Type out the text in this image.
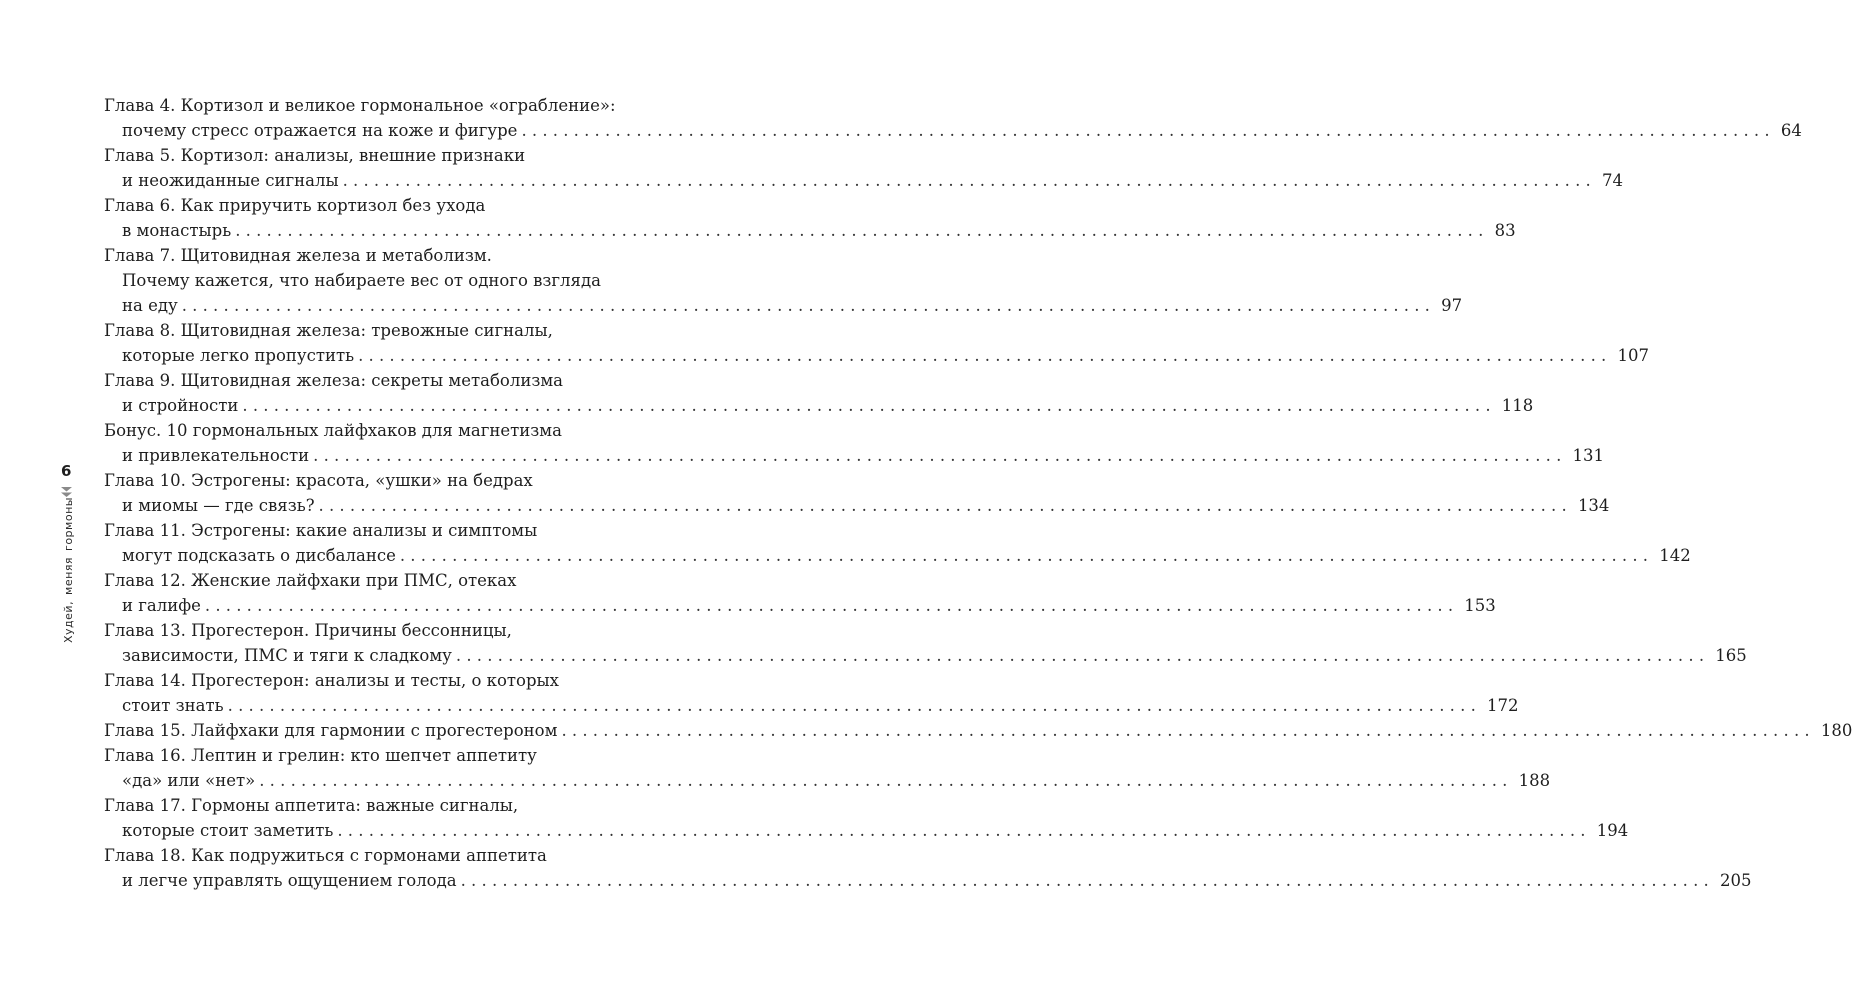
6
Худей, меняя гормоны
Глава 4. Кортизол и великое гормональное «ограбление»:
почему стресс отражается на коже и фигуре ........................................................................................................................ 64
Глава 5. Кортизол: анализы, внешние признаки
и неожиданные сигналы ........................................................................................................................ 74
Глава 6. Как приручить кортизол без ухода
в монастырь ........................................................................................................................ 83
Глава 7. Щитовидная железа и метаболизм.
Почему кажется, что набираете вес от одного взгляда
на еду ........................................................................................................................ 97
Глава 8. Щитовидная железа: тревожные сигналы,
которые легко пропустить ........................................................................................................................ 107
Глава 9. Щитовидная железа: секреты метаболизма
и стройности ........................................................................................................................ 118
Бонус. 10 гормональных лайфхаков для магнетизма
и привлекательности ........................................................................................................................ 131
Глава 10. Эстрогены: красота, «ушки» на бедрах
и миомы — где связь? ........................................................................................................................ 134
Глава 11. Эстрогены: какие анализы и симптомы
могут подсказать о дисбалансе ........................................................................................................................ 142
Глава 12. Женские лайфхаки при ПМС, отеках
и галифе ........................................................................................................................ 153
Глава 13. Прогестерон. Причины бессонницы,
зависимости, ПМС и тяги к сладкому ........................................................................................................................ 165
Глава 14. Прогестерон: анализы и тесты, о которых
стоит знать ........................................................................................................................ 172
Глава 15. Лайфхаки для гармонии с прогестероном ........................................................................................................................ 180
Глава 16. Лептин и грелин: кто шепчет аппетиту
«да» или «нет» ........................................................................................................................ 188
Глава 17. Гормоны аппетита: важные сигналы,
которые стоит заметить ........................................................................................................................ 194
Глава 18. Как подружиться с гормонами аппетита
и легче управлять ощущением голода ........................................................................................................................ 205
